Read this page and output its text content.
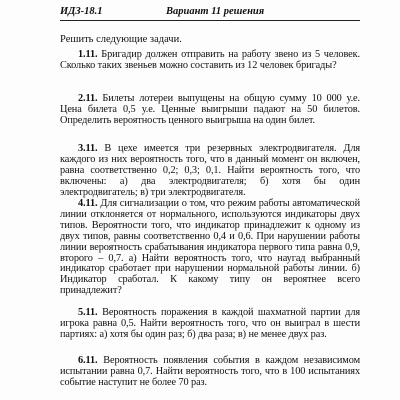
ИДЗ-18.1	Вариант 11 решения
Решить следующие задачи.
1.11. Бригадир должен отправить на работу звено из 5 человек. Сколько таких звеньев можно составить из 12 человек бригады?
2.11. Билеты лотереи выпущены на общую сумму 10 000 у.е. Цена билета 0,5 у.е. Ценные выигрыши падают на 50 билетов. Определить вероятность ценного выигрыша на один билет.
3.11. В цехе имеется три резервных электродвигателя. Для каждого из них вероятность того, что в данный момент он включен, равна соответственно 0,2; 0,3; 0,1. Найти вероятность того, что включены: а) два электродвигателя; б) хотя бы один электродвигатель; в) три электродвигателя.
4.11. Для сигнализации о том, что режим работы автоматической линии отклоняется от нормального, используются индикаторы двух типов. Вероятности того, что индикатор принадлежит к одному из двух типов, равны соответственно 0,4 и 0,6. При нарушении работы линии вероятность срабатывания индикатора первого типа равна 0,9, второго – 0,7. а) Найти вероятность того, что наугад выбранный индикатор сработает при нарушении нормальной работы линии. б) Индикатор сработал. К какому типу он вероятнее всего принадлежит?
5.11. Вероятность поражения в каждой шахматной партии для игрока равна 0,5. Найти вероятность того, что он выиграл в шести партиях: а) хотя бы один раз; б) два раза; в) не менее двух раз.
6.11. Вероятность появления события в каждом независимом испытании равна 0,7. Найти вероятность того, что в 100 испытаниях событие наступит не более 70 раз.
